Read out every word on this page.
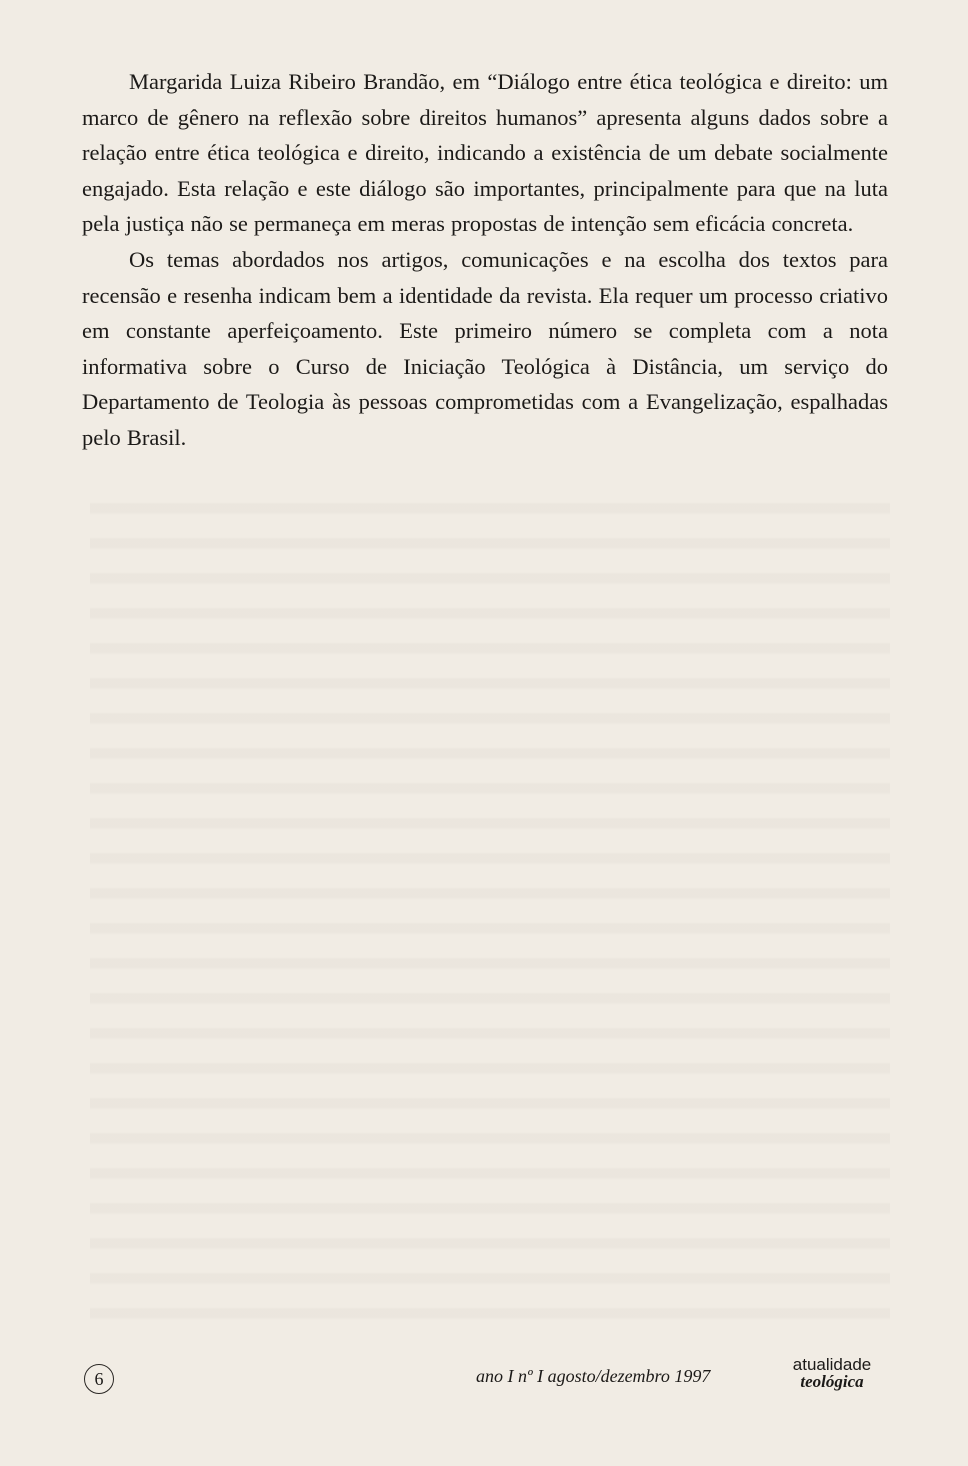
Margarida Luiza Ribeiro Brandão, em “Diálogo entre ética teológica e direito: um marco de gênero na reflexão sobre direitos humanos” apresenta alguns dados sobre a relação entre ética teológica e direito, indicando a existência de um debate socialmente engajado. Esta relação e este diálogo são importantes, principalmente para que na luta pela justiça não se permaneça em meras propostas de intenção sem eficácia concreta.

Os temas abordados nos artigos, comunicações e na escolha dos textos para recensão e resenha indicam bem a identidade da revista. Ela requer um processo criativo em constante aperfeiçoamento. Este primeiro número se completa com a nota informativa sobre o Curso de Iniciação Teológica à Distância, um serviço do Departamento de Teologia às pessoas comprometidas com a Evangelização, espalhadas pelo Brasil.

6	ano I nº I agosto/dezembro 1997
atualidade
teológica
